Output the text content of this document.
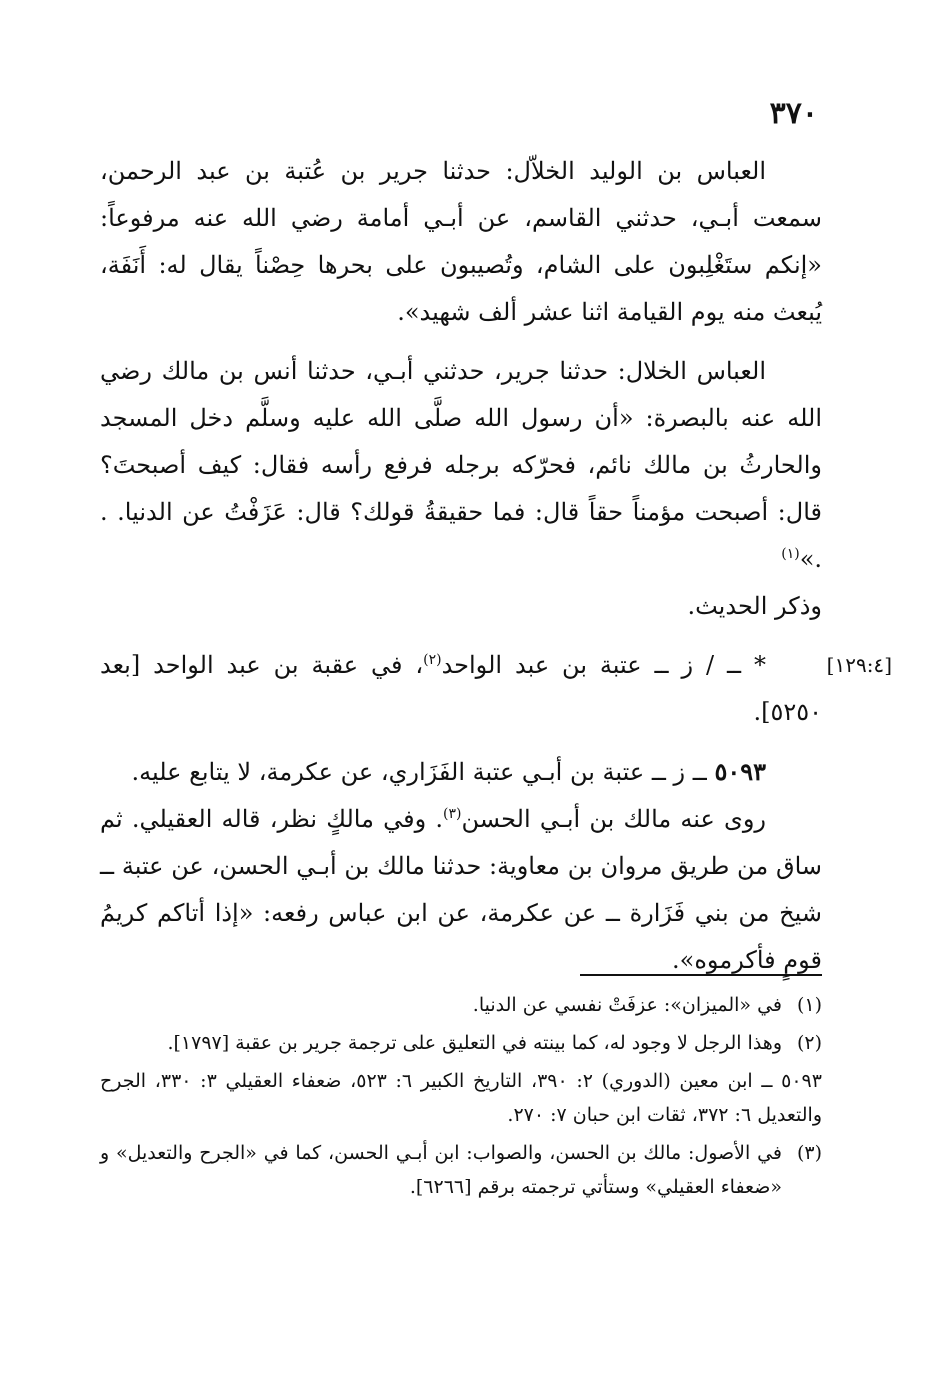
٣٧٠

العباس بن الوليد الخلاّل: حدثنا جرير بن عُتبة بن عبد الرحمن، سمعت أبـي، حدثني القاسم، عن أبـي أمامة رضي الله عنه مرفوعاً: «إنكم ستَغْلِبون على الشام، وتُصيبون على بحرها حِصْناً يقال له: أَنَفَة، يُبعث منه يوم القيامة اثنا عشر ألف شهيد».

العباس الخلال: حدثنا جرير، حدثني أبـي، حدثنا أنس بن مالك رضي الله عنه بالبصرة: «أن رسول الله صلَّى الله عليه وسلَّم دخل المسجد والحارثُ بن مالك نائم، فحرّكه برجله فرفع رأسه فقال: كيف أصبحتَ؟ قال: أصبحت مؤمناً حقاً قال: فما حقيقةُ قولك؟ قال: عَزَفْتُ عن الدنيا. . .»$^{(١)}$

وذكر الحديث.

[١٢٩:٤]

* ــ / ز ــ عتبة بن عبد الواحد$^{(٢)}$، في عقبة بن عبد الواحد [بعد ٥٢٥٠].

٥٠٩٣ ــ ز ــ عتبة بن أبـي عتبة الفَزَاري، عن عكرمة، لا يتابع عليه.

روى عنه مالك بن أبـي الحسن$^{(٣)}$. وفي مالكٍ نظر، قاله العقيلي. ثم ساق من طريق مروان بن معاوية: حدثنا مالك بن أبـي الحسن، عن عتبة ــ شيخ من بني فَزَارة ــ عن عكرمة، عن ابن عباس رفعه: «إذا أتاكم كريمُ قومٍ فأكرموه».

(١)في «الميزان»: عزفَتْ نفسي عن الدنيا.

(٢)وهذا الرجل لا وجود له، كما بينته في التعليق على ترجمة جرير بن عقبة [١٧٩٧].

٥٠٩٣ ــ ابن معين (الدوري) ٢: ٣٩٠، التاريخ الكبير ٦: ٥٢٣، ضعفاء العقيلي ٣: ٣٣٠، الجرح والتعديل ٦: ٣٧٢، ثقات ابن حبان ٧: ٢٧٠.

(٣)في الأصول: مالك بن الحسن، والصواب: ابن أبـي الحسن، كما في «الجرح والتعديل» و «ضعفاء العقيلي» وستأتي ترجمته برقم [٦٢٦٦].
